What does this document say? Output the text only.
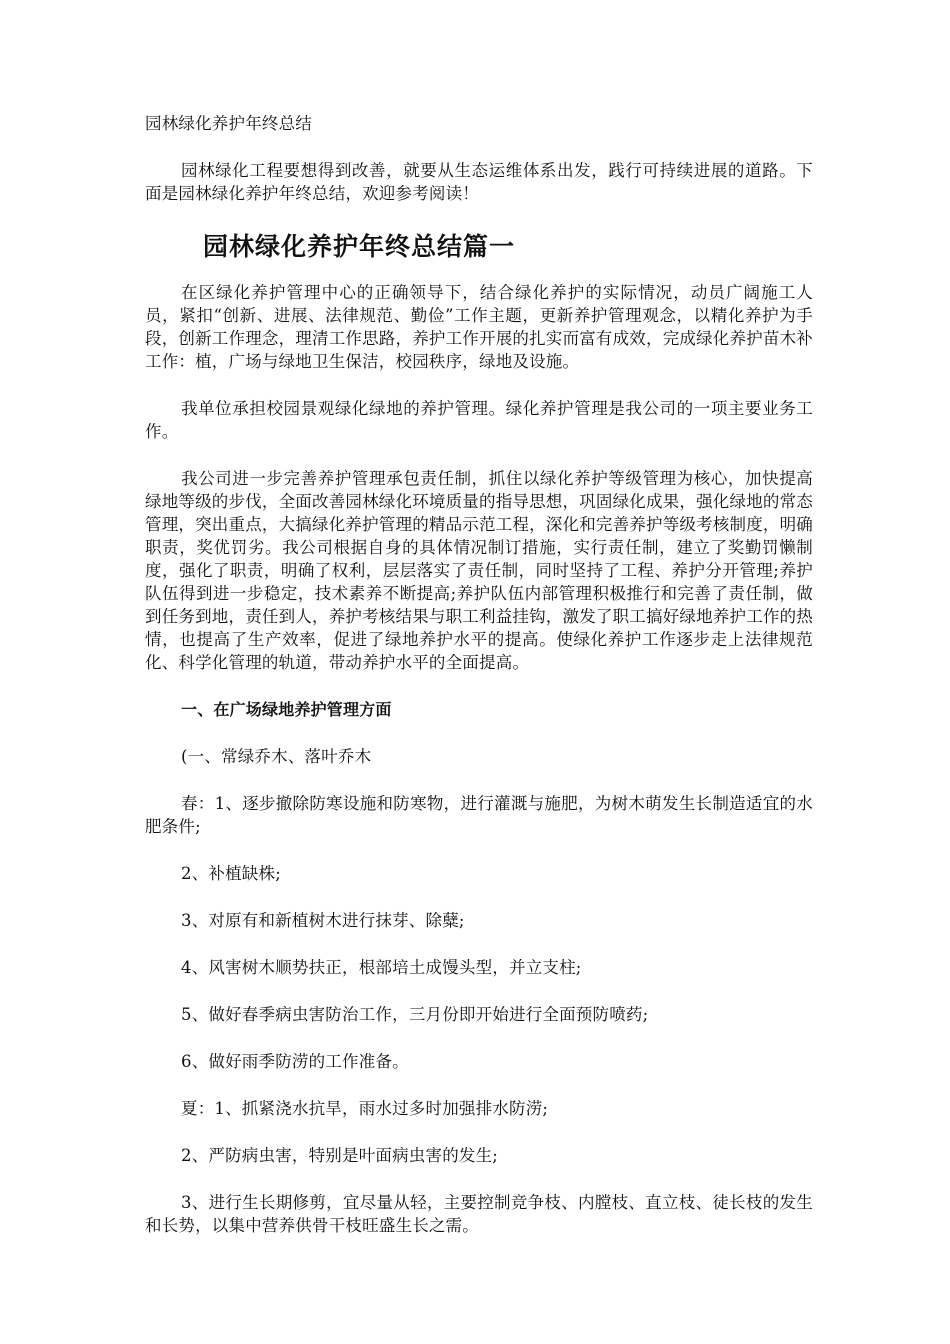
园林绿化养护年终总结

园林绿化工程要想得到改善，就要从生态运维体系出发，践行可持续进展的道路。下面是园林绿化养护年终总结，欢迎参考阅读！

园林绿化养护年终总结篇一

在区绿化养护管理中心的正确领导下，结合绿化养护的实际情况，动员广阔施工人员，紧扣“创新、进展、法律规范、勤俭”工作主题，更新养护管理观念，以精化养护为手段，创新工作理念，理清工作思路，养护工作开展的扎实而富有成效，完成绿化养护苗木补工作：植，广场与绿地卫生保洁，校园秩序，绿地及设施。

我单位承担校园景观绿化绿地的养护管理。绿化养护管理是我公司的一项主要业务工作。

我公司进一步完善养护管理承包责任制，抓住以绿化养护等级管理为核心，加快提高绿地等级的步伐，全面改善园林绿化环境质量的指导思想，巩固绿化成果，强化绿地的常态管理，突出重点，大搞绿化养护管理的精品示范工程，深化和完善养护等级考核制度，明确职责，奖优罚劣。我公司根据自身的具体情况制订措施，实行责任制，建立了奖勤罚懒制度，强化了职责，明确了权利，层层落实了责任制，同时坚持了工程、养护分开管理;养护队伍得到进一步稳定，技术素养不断提高;养护队伍内部管理积极推行和完善了责任制，做到任务到地，责任到人，养护考核结果与职工利益挂钩，激发了职工搞好绿地养护工作的热情，也提高了生产效率，促进了绿地养护水平的提高。使绿化养护工作逐步走上法律规范化、科学化管理的轨道，带动养护水平的全面提高。

一、在广场绿地养护管理方面

(一、常绿乔木、落叶乔木

春：1、逐步撤除防寒设施和防寒物，进行灌溉与施肥，为树木萌发生长制造适宜的水肥条件;

2、补植缺株;

3、对原有和新植树木进行抹芽、除糵;

4、风害树木顺势扶正，根部培土成馒头型，并立支柱;

5、做好春季病虫害防治工作，三月份即开始进行全面预防喷药;

6、做好雨季防涝的工作准备。

夏：1、抓紧浇水抗旱，雨水过多时加强排水防涝;

2、严防病虫害，特别是叶面病虫害的发生;

3、进行生长期修剪，宜尽量从轻，主要控制竞争枝、内膛枝、直立枝、徒长枝的发生和长势，以集中营养供骨干枝旺盛生长之需。
